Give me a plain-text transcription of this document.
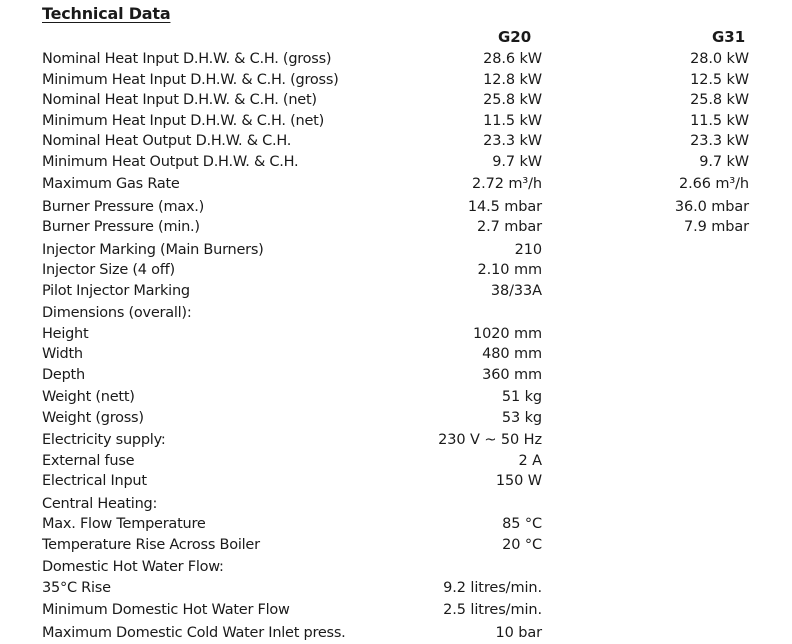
Technical Data
G20	G31
Nominal Heat Input D.H.W. & C.H. (gross)	28.6 kW	28.0 kW
Minimum Heat Input D.H.W. & C.H. (gross)	12.8 kW	12.5 kW
Nominal Heat Input D.H.W. & C.H. (net)	25.8 kW	25.8 kW
Minimum Heat Input D.H.W. & C.H. (net)	11.5 kW	11.5 kW
Nominal Heat Output D.H.W. & C.H.	23.3 kW	23.3 kW
Minimum Heat Output D.H.W. & C.H.	9.7 kW	9.7 kW
Maximum Gas Rate	2.72 m³/h	2.66 m³/h
Burner Pressure (max.)	14.5 mbar	36.0 mbar
Burner Pressure (min.)	2.7 mbar	7.9 mbar
Injector Marking (Main Burners)	210
Injector Size (4 off)	2.10 mm
Pilot Injector Marking	38/33A
Dimensions (overall):
Height	1020 mm
Width	480 mm
Depth	360 mm
Weight (nett)	51 kg
Weight (gross)	53 kg
Electricity supply:	230 V ~ 50 Hz
External fuse	2 A
Electrical Input	150 W
Central Heating:
Max. Flow Temperature	85 °C
Temperature Rise Across Boiler	20 °C
Domestic Hot Water Flow:
35°C Rise	9.2 litres/min.
Minimum Domestic Hot Water Flow	2.5 litres/min.
Maximum Domestic Cold Water Inlet press.	10 bar
